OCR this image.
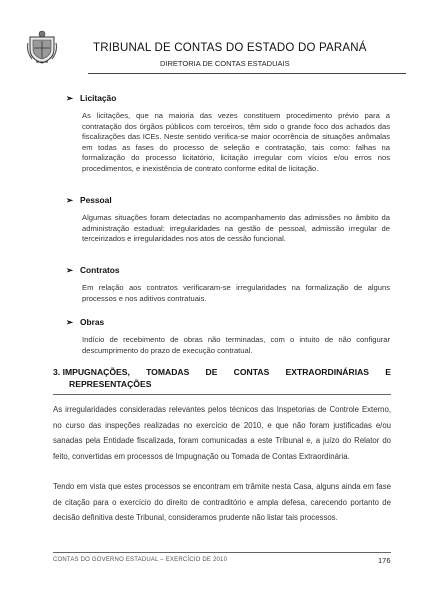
TRIBUNAL DE CONTAS DO ESTADO DO PARANÁ
DIRETORIA DE CONTAS ESTADUAIS
➢ Licitação
As licitações, que na maioria das vezes constituem procedimento prévio para a contratação dos órgãos públicos com terceiros, têm sido o grande foco dos achados das fiscalizações das ICEs. Neste sentido verifica-se maior ocorrência de situações anômalas em todas as fases do processo de seleção e contratação, tais como: falhas na formalização do processo licitatório, licitação irregular com vícios e/ou erros nos procedimentos, e inexistência de contrato conforme edital de licitação.
➢ Pessoal
Algumas situações foram detectadas no acompanhamento das admissões no âmbito da administração estadual: irregularidades na gestão de pessoal, admissão irregular de terceirizados e irregularidades nos atos de cessão funcional.
➢ Contratos
Em relação aos contratos verificaram-se irregularidades na formalização de alguns processos e nos aditivos contratuais.
➢ Obras
Indício de recebimento de obras não terminadas, com o intuito de não configurar descumprimento do prazo de execução contratual.
3. IMPUGNAÇÕES, TOMADAS DE CONTAS EXTRAORDINÁRIAS E
REPRESENTAÇÕES
As irregularidades consideradas relevantes pelos técnicos das Inspetorias de Controle Externo, no curso das inspeções realizadas no exercício de 2010, e que não foram justificadas e/ou sanadas pela Entidade fiscalizada, foram comunicadas a este Tribunal e, a juízo do Relator do feito, convertidas em processos de Impugnação ou Tomada de Contas Extraordinária.
Tendo em vista que estes processos se encontram em trâmite nesta Casa, alguns ainda em fase de citação para o exercício do direito de contraditório e ampla defesa, carecendo portanto de decisão definitiva deste Tribunal, consideramos prudente não listar tais processos.
CONTAS DO GOVERNO ESTADUAL – EXERCÍCIO DE 2010	176
